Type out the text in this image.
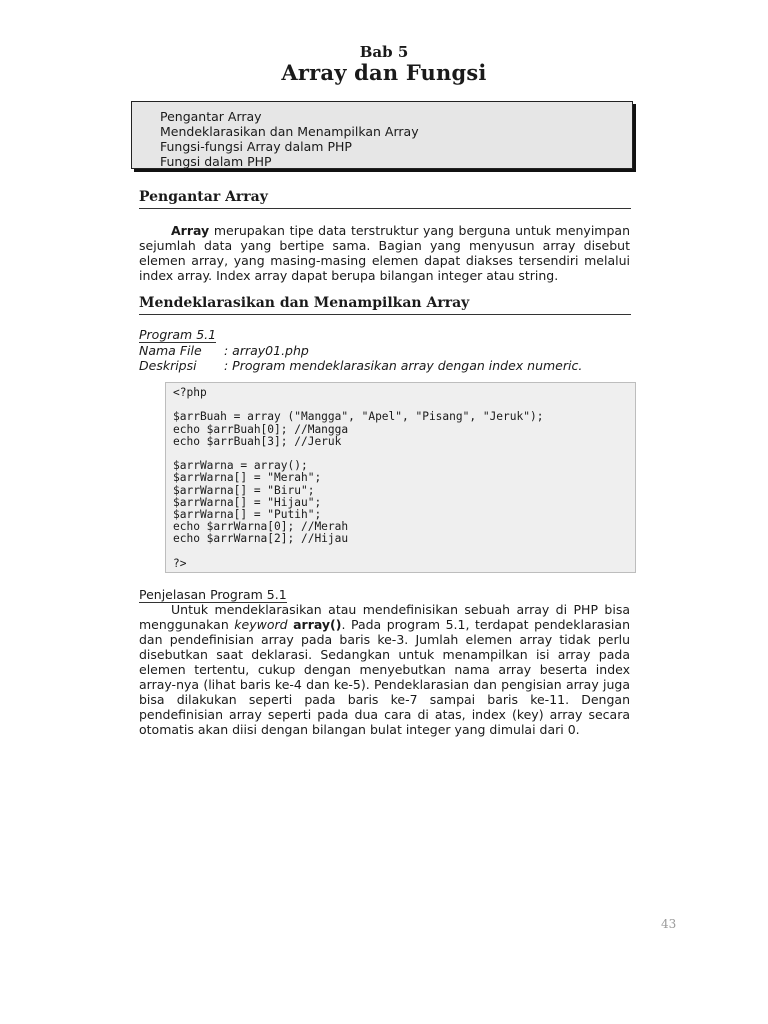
Bab 5
Array dan Fungsi
Pengantar Array
Mendeklarasikan dan Menampilkan Array
Fungsi-fungsi Array dalam PHP
Fungsi dalam PHP
Pengantar Array

Array merupakan tipe data terstruktur yang berguna untuk menyimpan sejumlah data yang bertipe sama. Bagian yang menyusun array disebut elemen array, yang masing-masing elemen dapat diakses tersendiri melalui index array. Index array dapat berupa bilangan integer atau string.

Mendeklarasikan dan Menampilkan Array
Program 5.1
Nama File	: array01.php
Deskripsi	: Program mendeklarasikan array dengan index numeric.
<?php
$arrBuah = array ("Mangga", "Apel", "Pisang", "Jeruk");
echo $arrBuah[0]; //Mangga
echo $arrBuah[3]; //Jeruk
$arrWarna = array();
$arrWarna[] = "Merah";
$arrWarna[] = "Biru";
$arrWarna[] = "Hijau";
$arrWarna[] = "Putih";
echo $arrWarna[0]; //Merah
echo $arrWarna[2]; //Hijau
?>
Penjelasan Program 5.1

Untuk mendeklarasikan atau mendefinisikan sebuah array di PHP bisa menggunakan keyword array(). Pada program 5.1, terdapat pendeklarasian dan pendefinisian array pada baris ke-3. Jumlah elemen array tidak perlu disebutkan saat deklarasi. Sedangkan untuk menampilkan isi array pada elemen tertentu, cukup dengan menyebutkan nama array beserta index array-nya (lihat baris ke-4 dan ke-5). Pendeklarasian dan pengisian array juga bisa dilakukan seperti pada baris ke-7 sampai baris ke-11. Dengan pendefinisian array seperti pada dua cara di atas, index (key) array secara otomatis akan diisi dengan bilangan bulat integer yang dimulai dari 0.

43
